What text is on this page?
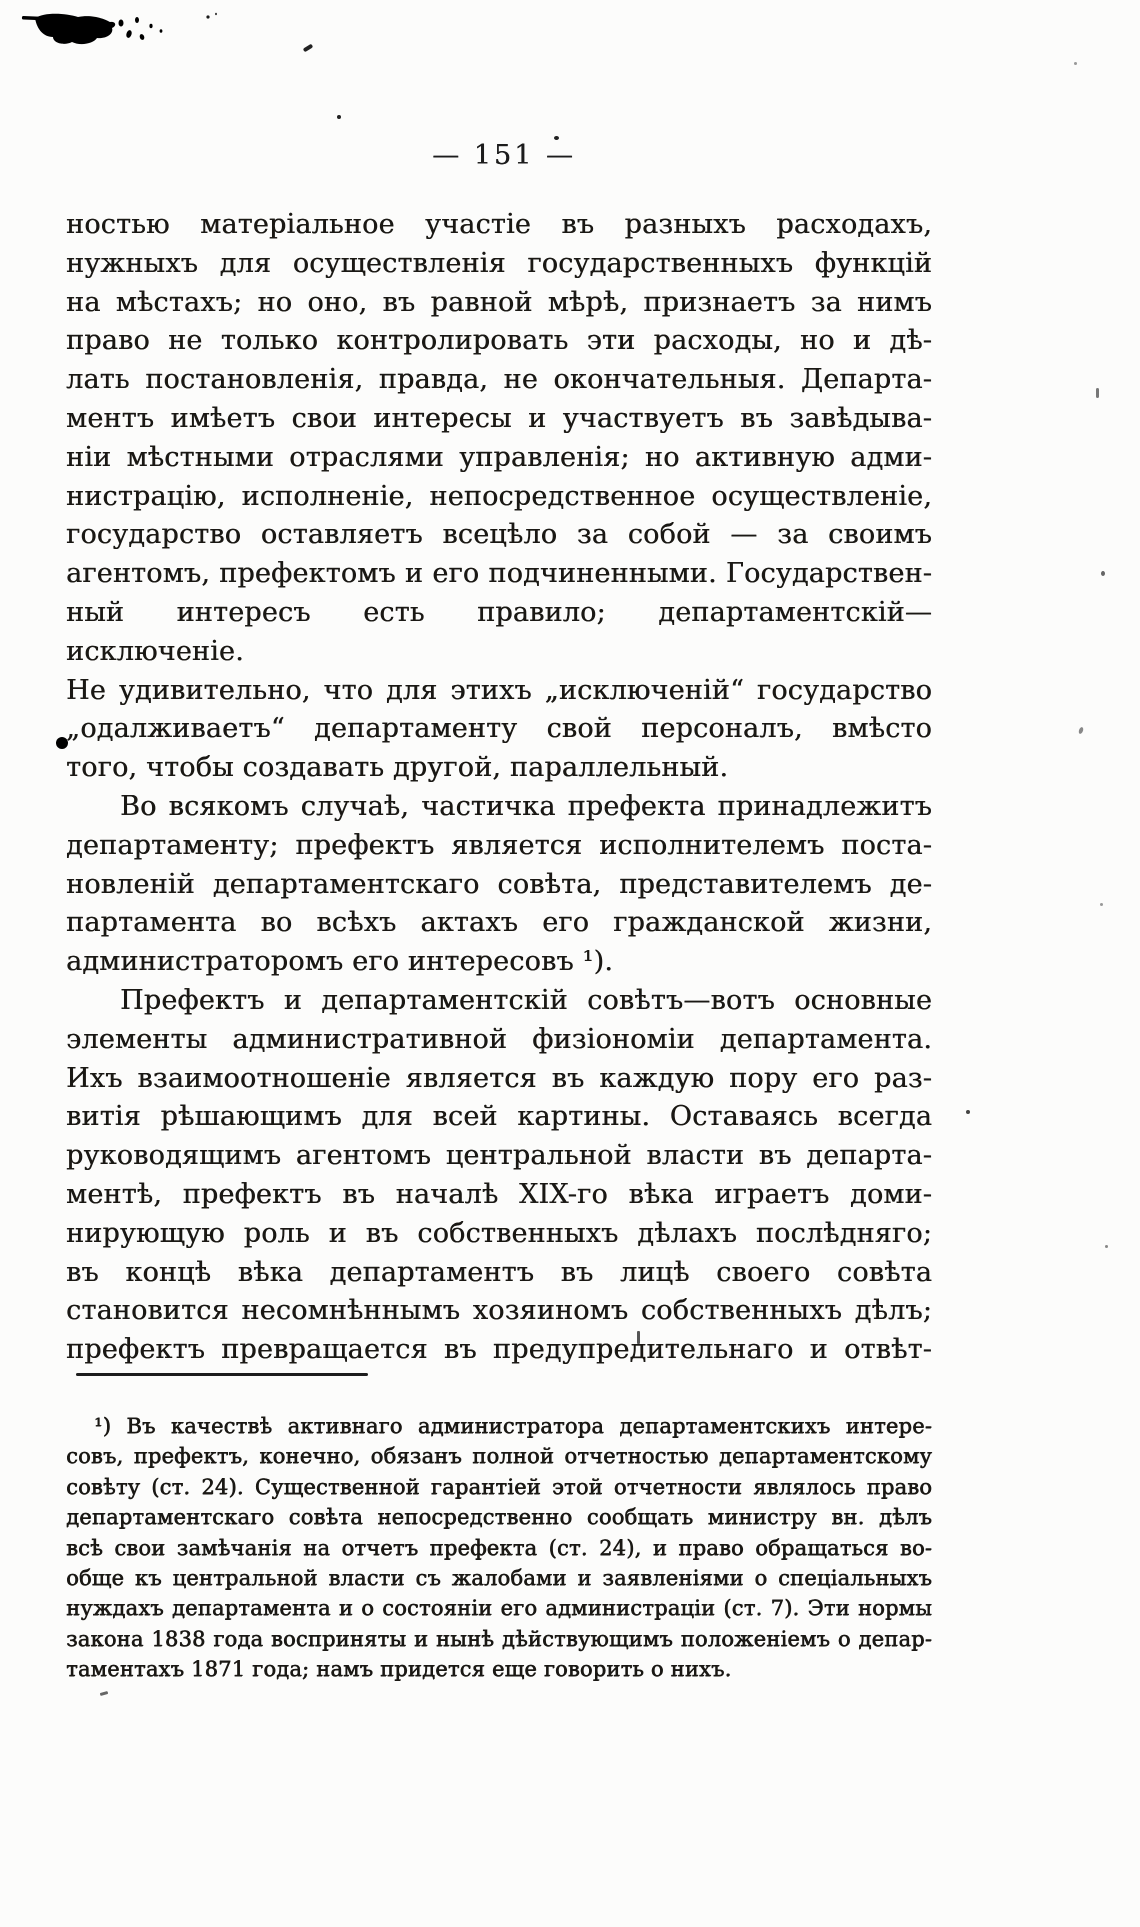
— 151 —
ностью матеріальное участіе въ разныхъ расходахъ,
нужныхъ для осуществленія государственныхъ функцій
на мѣстахъ; но оно, въ равной мѣрѣ, признаетъ за нимъ
право не только контролировать эти расходы, но и дѣ-
лать постановленія, правда, не окончательныя. Департа-
ментъ имѣетъ свои интересы и участвуетъ въ завѣдыва-
ніи мѣстными отраслями управленія; но активную адми-
нистрацію, исполненіе, непосредственное осуществленіе,
государство оставляетъ всецѣло за собой — за своимъ
агентомъ, префектомъ и его подчиненными. Государствен-
ный интересъ есть правило; департаментскій—исключеніе.
Не удивительно, что для этихъ „исключеній“ государство
„одалживаетъ“ департаменту свой персоналъ, вмѣсто
того, чтобы создавать другой, параллельный.
Во всякомъ случаѣ, частичка префекта принадлежитъ
департаменту; префектъ является исполнителемъ поста-
новленій департаментскаго совѣта, представителемъ де-
партамента во всѣхъ актахъ его гражданской жизни,
администраторомъ его интересовъ ¹).
Префектъ и департаментскій совѣтъ—вотъ основные
элементы административной физіономіи департамента.
Ихъ взаимоотношеніе является въ каждую пору его раз-
витія рѣшающимъ для всей картины. Оставаясь всегда
руководящимъ агентомъ центральной власти въ департа-
ментѣ, префектъ въ началѣ XIX-го вѣка играетъ доми-
нирующую роль и въ собственныхъ дѣлахъ послѣдняго;
въ концѣ вѣка департаментъ въ лицѣ своего совѣта
становится несомнѣннымъ хозяиномъ собственныхъ дѣлъ;
префектъ превращается въ предупредительнаго и отвѣт-
¹) Въ качествѣ активнаго администратора департаментскихъ интере-
совъ, префектъ, конечно, обязанъ полной отчетностью департаментскому
совѣту (ст. 24). Существенной гарантіей этой отчетности являлось право
департаментскаго совѣта непосредственно сообщать министру вн. дѣлъ
всѣ свои замѣчанія на отчетъ префекта (ст. 24), и право обращаться во-
обще къ центральной власти съ жалобами и заявленіями о спеціальныхъ
нуждахъ департамента и о состояніи его администраціи (ст. 7). Эти нормы
закона 1838 года восприняты и нынѣ дѣйствующимъ положеніемъ о депар-
таментахъ 1871 года; намъ придется еще говорить о нихъ.
